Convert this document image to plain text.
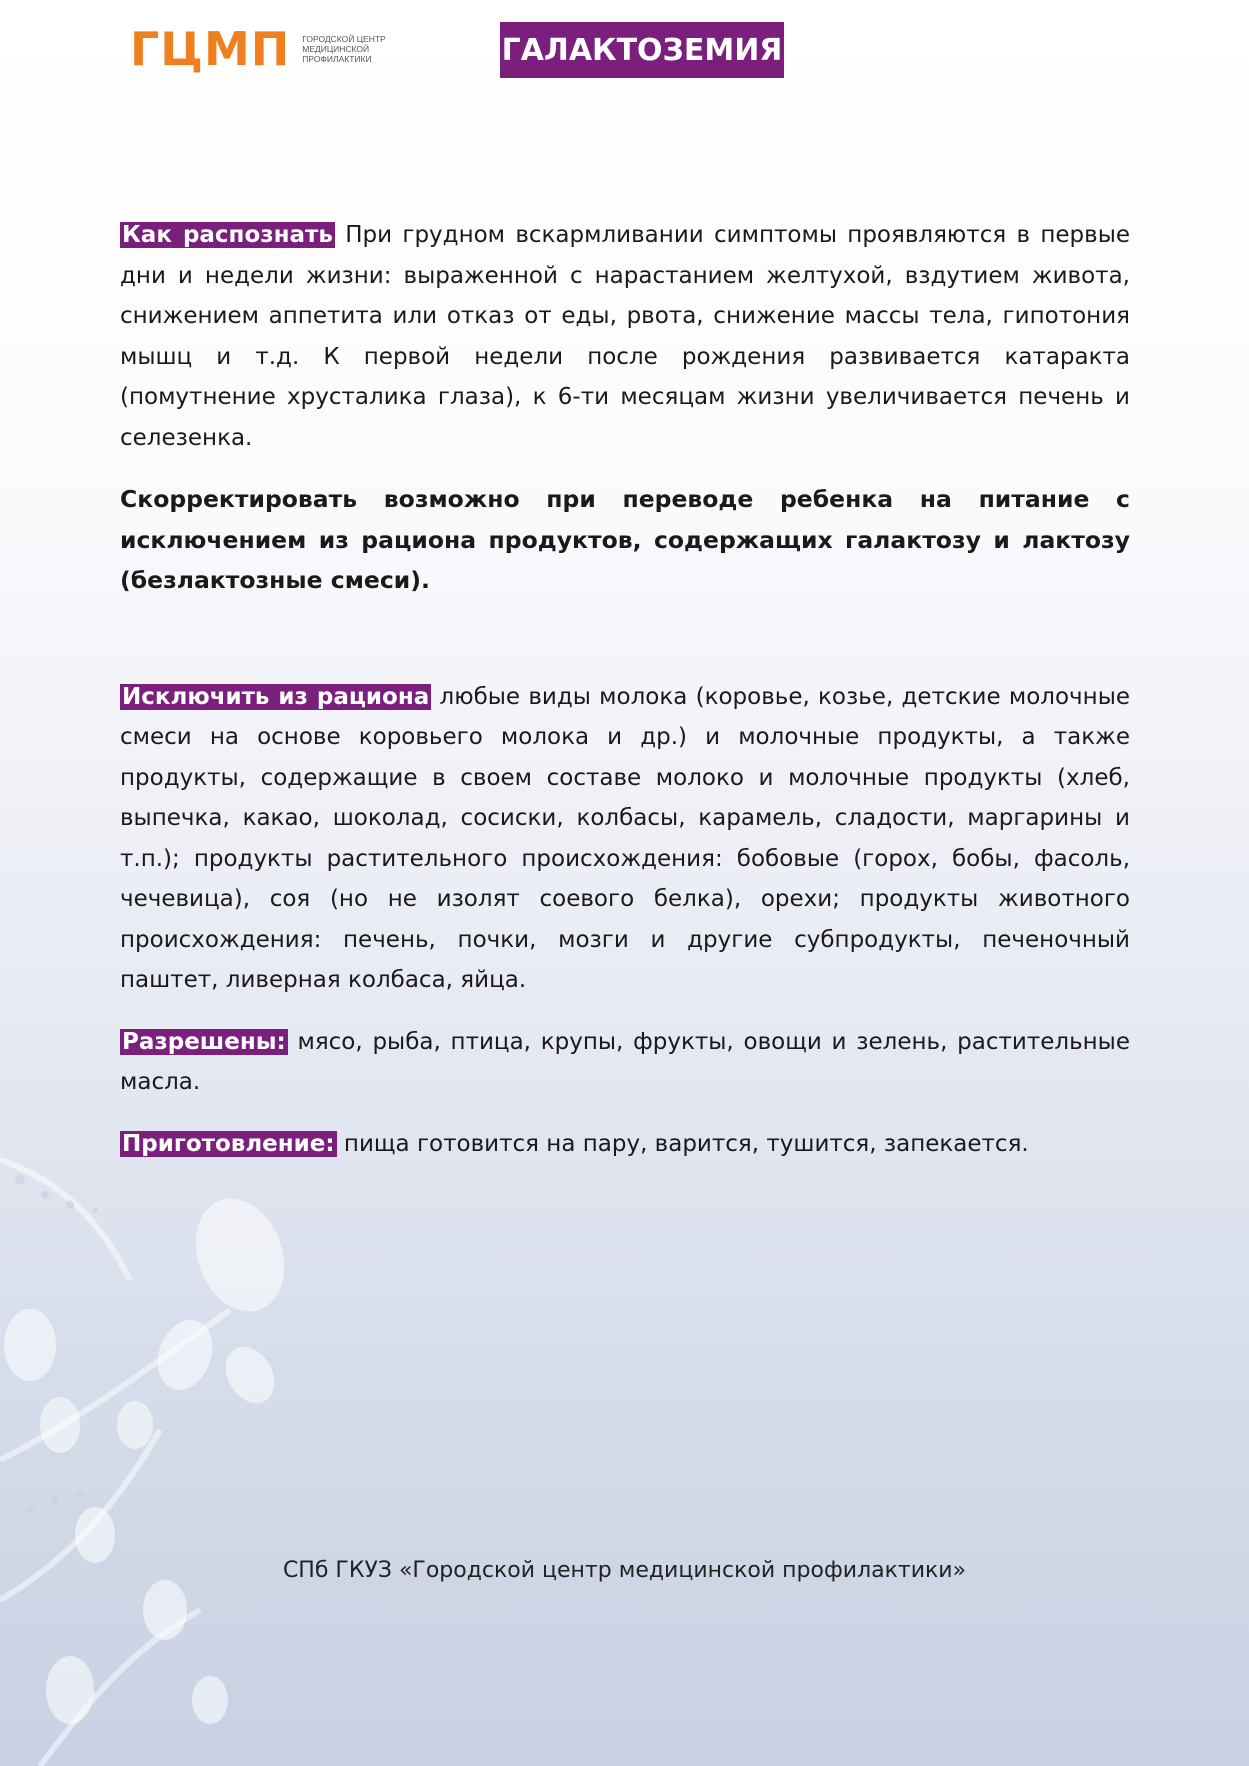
ГЦМП ГОРОДСКОЙ ЦЕНТР
МЕДИЦИНСКОЙ
ПРОФИЛАКТИКИ	ГАЛАКТОЗЕМИЯ

Как распознать При грудном вскармливании симптомы проявляются в первые дни и недели жизни: выраженной с нарастанием желтухой, вздутием живота, снижением аппетита или отказ от еды, рвота, снижение массы тела, гипотония мышц и т.д. К первой недели после рождения развивается катаракта (помутнение хрусталика глаза), к 6-ти месяцам жизни увеличивается печень и селезенка.

Скорректировать возможно при переводе ребенка на питание с исключением из рациона продуктов, содержащих галактозу и лактозу (безлактозные смеси).

Исключить из рациона любые виды молока (коровье, козье, детские молочные смеси на основе коровьего молока и др.) и молочные продукты, а также продукты, содержащие в своем составе молоко и молочные продукты (хлеб, выпечка, какао, шоколад, сосиски, колбасы, карамель, сладости, маргарины и т.п.); продукты растительного происхождения: бобовые (горох, бобы, фасоль, чечевица), соя (но не изолят соевого белка), орехи; продукты животного происхождения: печень, почки, мозги и другие субпродукты, печеночный паштет, ливерная колбаса, яйца.

Разрешены: мясо, рыба, птица, крупы, фрукты, овощи и зелень, растительные масла.

Приготовление: пища готовится на пару, варится, тушится, запекается.

СПб ГКУЗ «Городской центр медицинской профилактики»
